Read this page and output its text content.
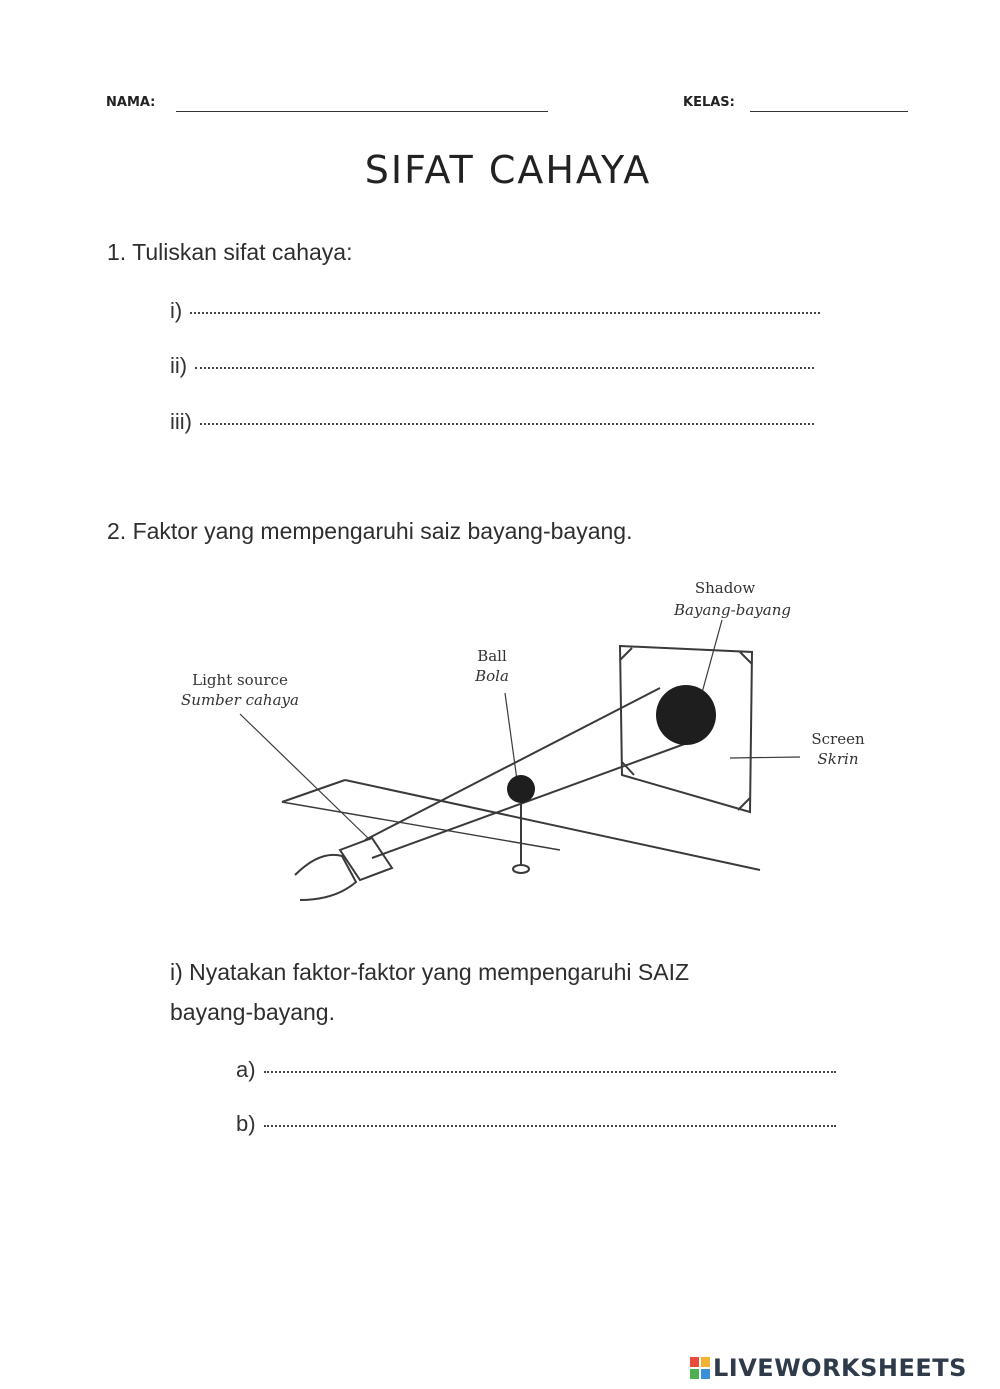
NAMA:	KELAS:
SIFAT CAHAYA
1. Tuliskan sifat cahaya:
i)
ii)
iii)
2. Faktor yang mempengaruhi saiz bayang-bayang.
Shadow
Bayang-bayang
Ball
Bola
Light source
Sumber cahaya
Screen
Skrin
i) Nyatakan faktor-faktor yang mempengaruhi SAIZ
bayang-bayang.
a)
b)
LIVEWORKSHEETS
